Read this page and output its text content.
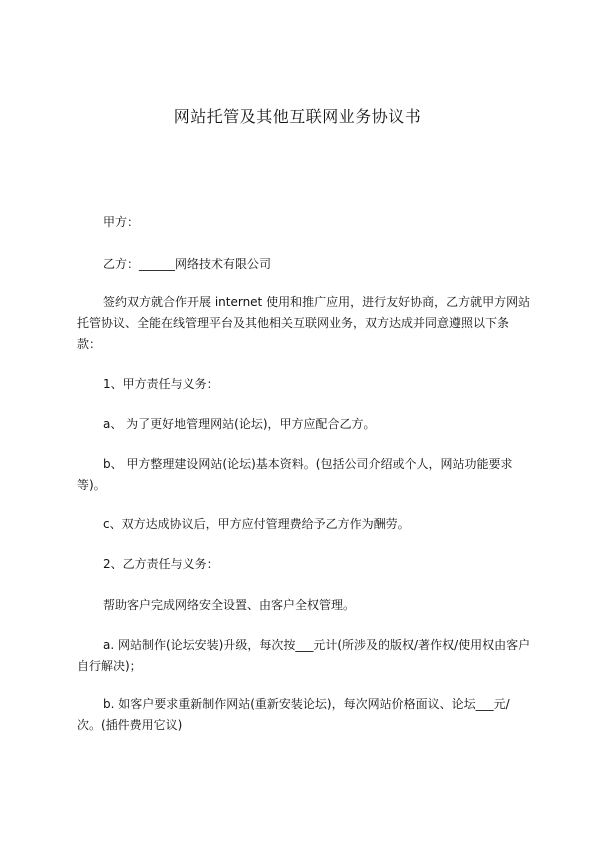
网站托管及其他互联网业务协议书
甲方：
乙方：______网络技术有限公司
签约双方就合作开展 internet 使用和推广应用，进行友好协商，乙方就甲方网站托管协议、全能在线管理平台及其他相关互联网业务，双方达成并同意遵照以下条款：
1、甲方责任与义务：
a、 为了更好地管理网站(论坛)，甲方应配合乙方。
b、 甲方整理建设网站(论坛)基本资料。(包括公司介绍或个人，网站功能要求等)。
c、双方达成协议后，甲方应付管理费给予乙方作为酬劳。
2、乙方责任与义务：
帮助客户完成网络安全设置、由客户全权管理。
a. 网站制作(论坛安装)升级，每次按___元计(所涉及的版权/著作权/使用权由客户自行解决)；
b. 如客户要求重新制作网站(重新安装论坛)，每次网站价格面议、论坛___元/次。(插件费用它议)
